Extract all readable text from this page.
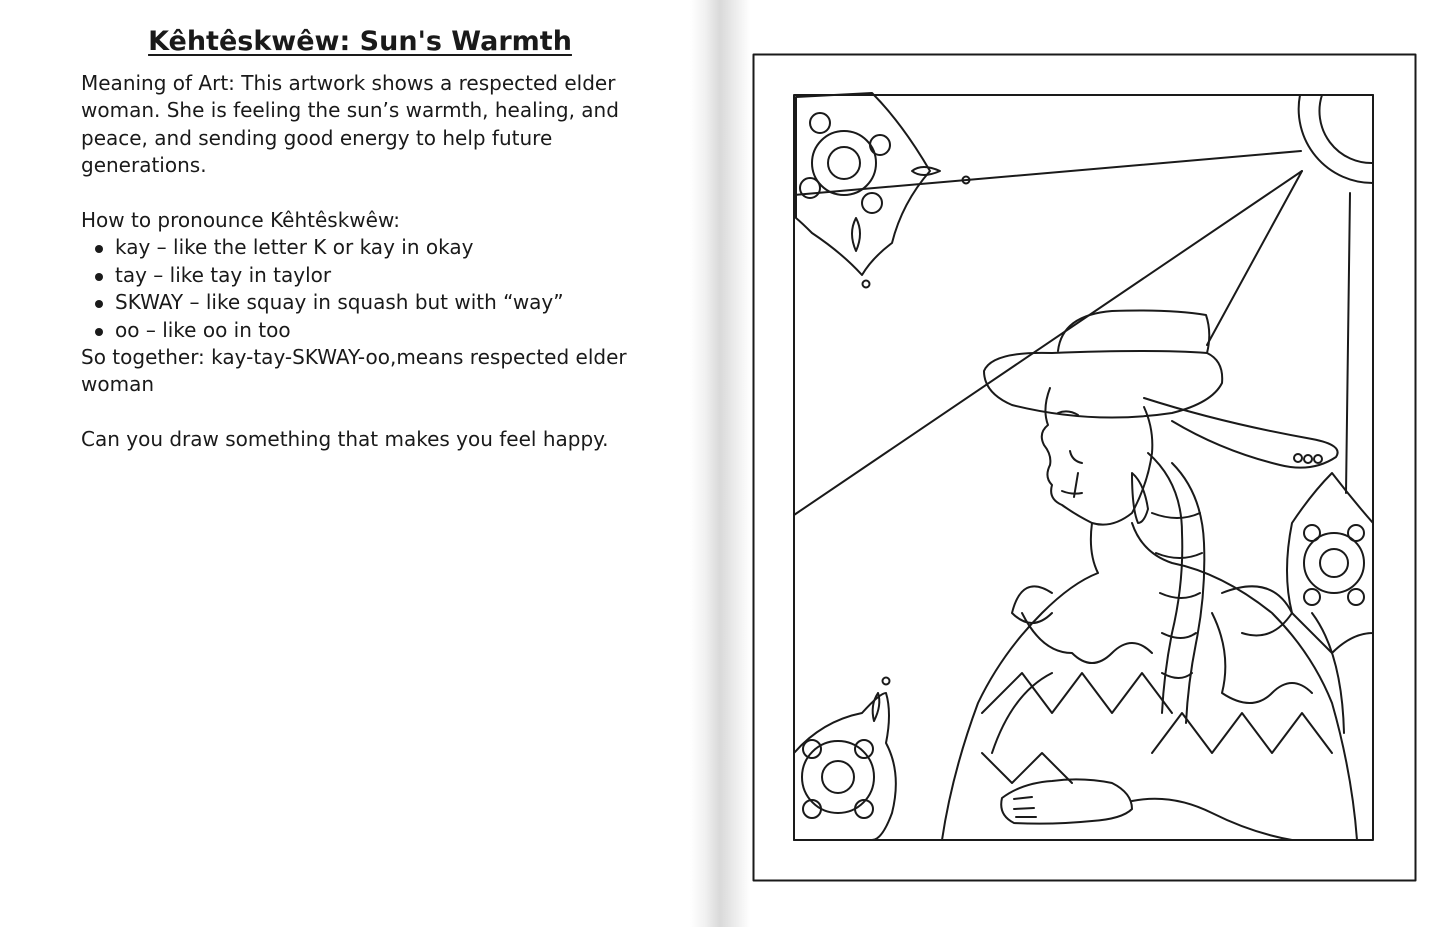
Kêhtêskwêw: Sun's Warmth

Meaning of Art: This artwork shows a respected elder

woman. She is feeling the sun’s warmth, healing, and

peace, and sending good energy to help future

generations.

How to pronounce Kêhtêskwêw:

kay – like the letter K or kay in okay
tay – like tay in taylor
SKWAY – like squay in squash but with “way”
oo – like oo in too

So together: kay-tay-SKWAY-oo,means respected elder

woman

Can you draw something that makes you feel happy.
